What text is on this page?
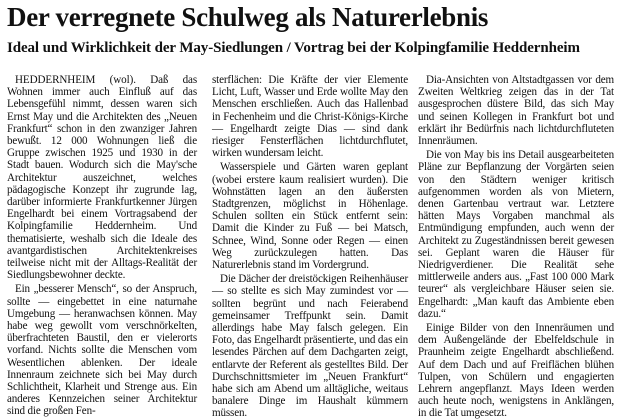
Der verregnete Schulweg als Naturerlebnis
Ideal und Wirklichkeit der May-Siedlungen / Vortrag bei der Kolpingfamilie Heddernheim

HEDDERNHEIM (wol). Daß das Wohnen immer auch Einfluß auf das Lebensgefühl nimmt, dessen waren sich Ernst May und die Architekten des „Neuen Frankfurt“ schon in den zwanziger Jahren bewußt. 12 000 Wohnungen ließ die Gruppe zwischen 1925 und 1930 in der Stadt bauen. Wodurch sich die May'sche Architektur auszeichnet, welches pädagogische Konzept ihr zugrunde lag, darüber informierte Frankfurtkenner Jürgen Engelhardt bei einem Vortragsabend der Kolpingfamilie Heddernheim. Und thematisierte, weshalb sich die Ideale des avantgardistischen Architektenkreises teilweise nicht mit der Alltags-Realität der Siedlungsbewohner deckte.

Ein „besserer Mensch“, so der Anspruch, sollte — eingebettet in eine naturnahe Umgebung — heranwachsen können. May habe weg gewollt vom verschnörkelten, überfrachteten Baustil, den er vielerorts vorfand. Nichts sollte die Menschen vom Wesentlichen ablenken. Der ideale Innenraum zeichnete sich bei May durch Schlichtheit, Klarheit und Strenge aus. Ein anderes Kennzeichen seiner Architektur sind die großen Fen-

sterflächen: Die Kräfte der vier Elemente Licht, Luft, Wasser und Erde wollte May den Menschen erschließen. Auch das Hallenbad in Fechenheim und die Christ-Königs-Kirche — Engelhardt zeigte Dias — sind dank riesiger Fensterflächen lichtdurchflutet, wirken wundersam leicht.

Wasserspiele und Gärten waren geplant (wobei erstere kaum realisiert wurden). Die Wohnstätten lagen an den äußersten Stadtgrenzen, möglichst in Höhenlage. Schulen sollten ein Stück entfernt sein: Damit die Kinder zu Fuß — bei Matsch, Schnee, Wind, Sonne oder Regen — einen Weg zurückzulegen hatten. Das Naturerlebnis stand im Vordergrund.

Die Dächer der dreistöckigen Reihenhäuser — so stellte es sich May zumindest vor — sollten begrünt und nach Feierabend gemeinsamer Treffpunkt sein. Damit allerdings habe May falsch gelegen. Ein Foto, das Engelhardt präsentierte, und das ein lesendes Pärchen auf dem Dachgarten zeigt, entlarvte der Referent als gestelltes Bild. Der Durchschnittsmieter im „Neuen Frankfurt“ habe sich am Abend um alltägliche, weitaus banalere Dinge im Haushalt kümmern müssen.

Dia-Ansichten von Altstadtgassen vor dem Zweiten Weltkrieg zeigen das in der Tat ausgesprochen düstere Bild, das sich May und seinen Kollegen in Frankfurt bot und erklärt ihr Bedürfnis nach lichtdurchfluteten Innenräumen.

Die von May bis ins Detail ausgearbeiteten Pläne zur Bepflanzung der Vorgärten seien von den Städtern weniger kritisch aufgenommen worden als von Mietern, denen Gartenbau vertraut war. Letztere hätten Mays Vorgaben manchmal als Entmündigung empfunden, auch wenn der Architekt zu Zugeständnissen bereit gewesen sei. Geplant waren die Häuser für Niedrigverdiener. Die Realität sehe mittlerweile anders aus. „Fast 100 000 Mark teurer“ als vergleichbare Häuser seien sie. Engelhardt: „Man kauft das Ambiente eben dazu.“

Einige Bilder von den Innenräumen und dem Außengelände der Ebelfeldschule in Praunheim zeigte Engelhardt abschließend. Auf dem Dach und auf Freiflächen blühen Tulpen, von Schülern und engagierten Lehrern angepflanzt. Mays Ideen werden auch heute noch, wenigstens in Anklängen, in die Tat umgesetzt.
